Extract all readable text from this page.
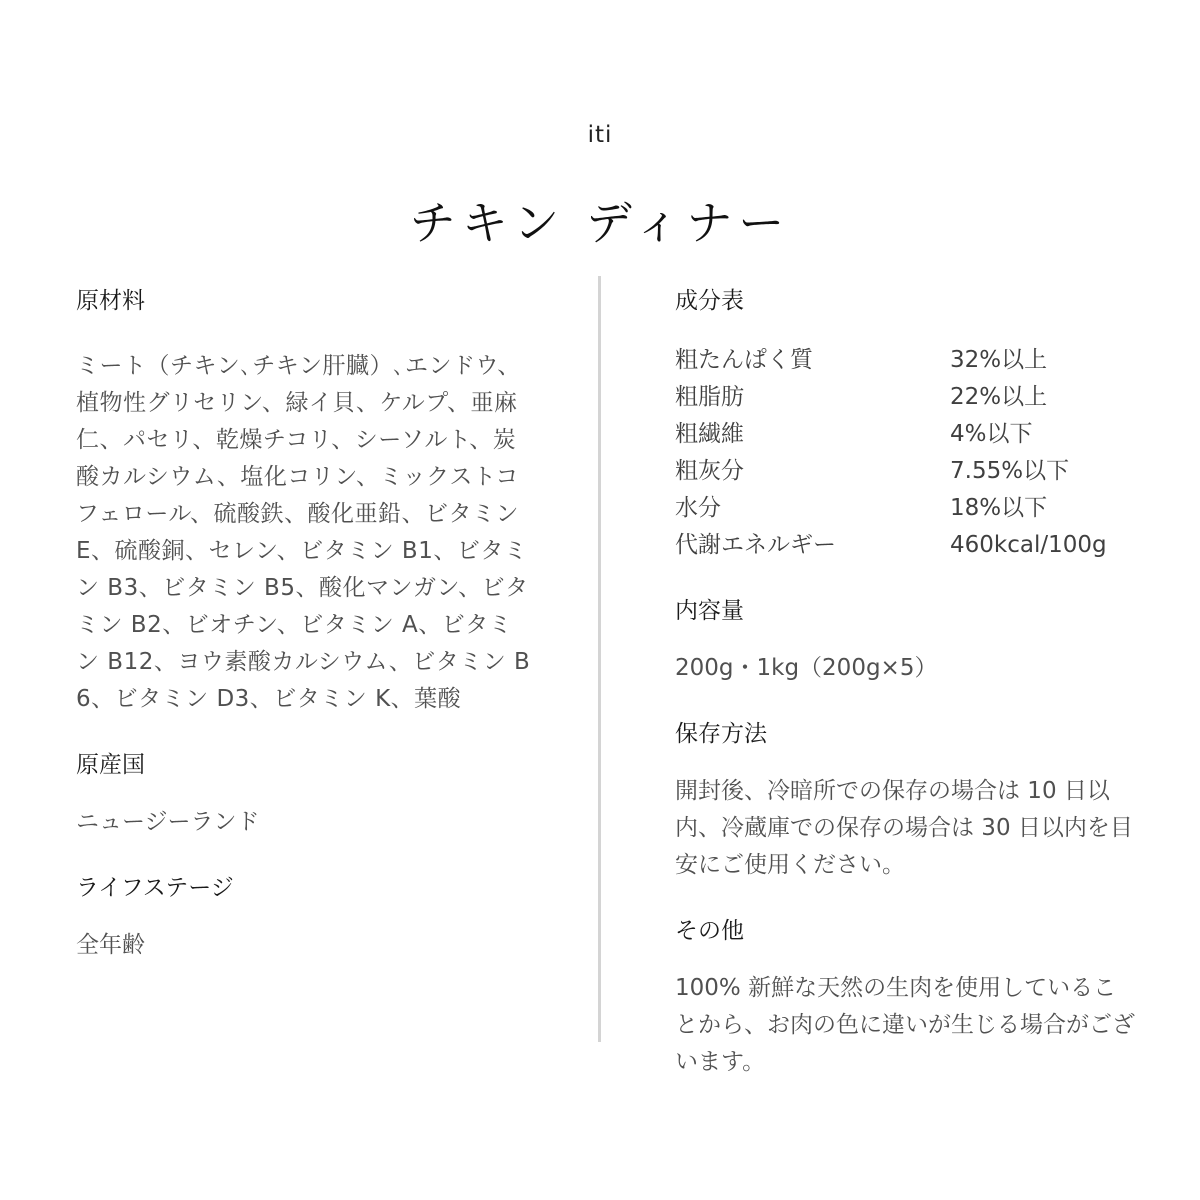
iti
チキン ディナー
原材料

ミート（チキン､チキン肝臓）､エンドウ、植物性グリセリン、緑イ貝、ケルプ、亜麻仁、パセリ、乾燥チコリ、シーソルト、炭酸カルシウム、塩化コリン、ミックストコフェロール、硫酸鉄、酸化亜鉛、ビタミン E、硫酸銅、セレン、ビタミン B1、ビタミン B3、ビタミン B5、酸化マンガン、ビタミン B2、ビオチン、ビタミン A、ビタミン B12、ヨウ素酸カルシウム、ビタミン B6、ビタミン D3、ビタミン K、葉酸

原産国

ニュージーランド

ライフステージ

全年齢

成分表
粗たんぱく質	32%以上
粗脂肪	22%以上
粗繊維	4%以下
粗灰分	7.55%以下
水分	18%以下
代謝エネルギー	460kcal/100g
内容量

200g・1kg（200g×5）

保存方法

開封後、冷暗所での保存の場合は 10 日以内、冷蔵庫での保存の場合は 30 日以内を目安にご使用ください。

その他

100% 新鮮な天然の生肉を使用していることから、お肉の色に違いが生じる場合がございます。
